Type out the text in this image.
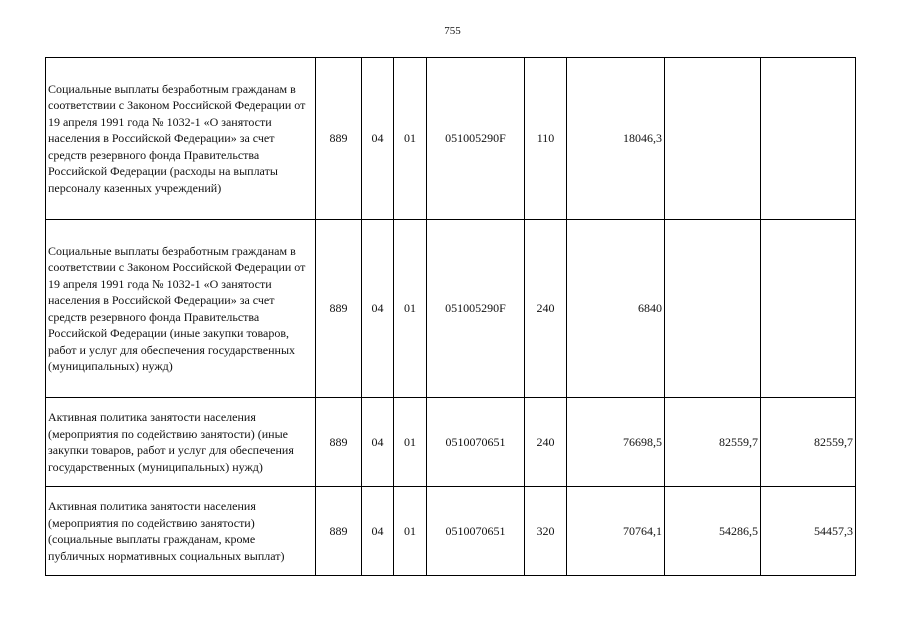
755
Социальные выплаты безработным гражданам в соответствии с Законом Российской Федерации от 19 апреля 1991 года № 1032-1 «О занятости населения в Российской Федерации» за счет средств резервного фонда Правительства Российской Федерации (расходы на выплаты персоналу казенных учреждений)	889	04	01	051005290F	110	18046,3		
Социальные выплаты безработным гражданам в соответствии с Законом Российской Федерации от 19 апреля 1991 года № 1032-1 «О занятости населения в Российской Федерации» за счет средств резервного фонда Правительства Российской Федерации (иные закупки товаров, работ и услуг для обеспечения государственных (муниципальных) нужд)	889	04	01	051005290F	240	6840		
Активная политика занятости населения (мероприятия по содействию занятости) (иные закупки товаров, работ и услуг для обеспечения государственных (муниципальных) нужд)	889	04	01	0510070651	240	76698,5	82559,7	82559,7
Активная политика занятости населения (мероприятия по содействию занятости) (социальные выплаты гражданам, кроме публичных нормативных социальных выплат)	889	04	01	0510070651	320	70764,1	54286,5	54457,3
